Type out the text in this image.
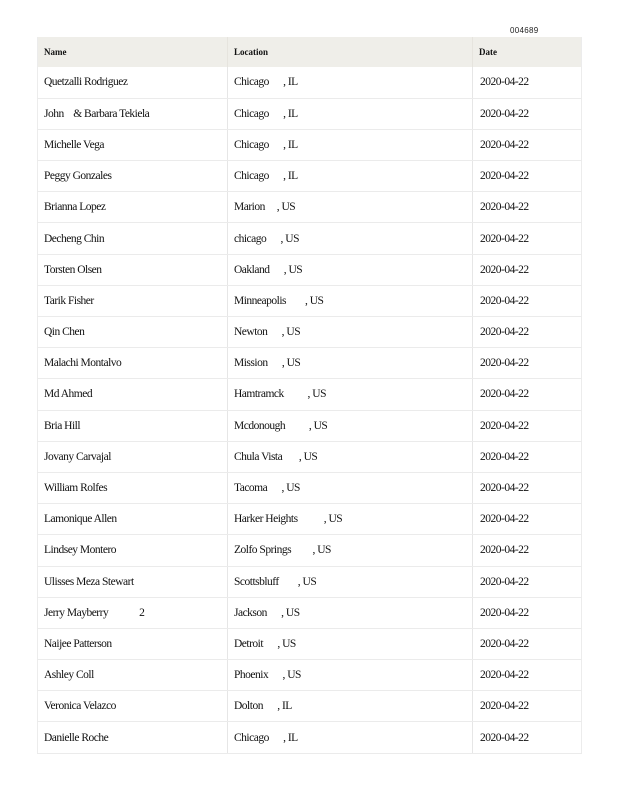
004689
Name	Location	Date
Quetzalli Rodriguez	Chicago      , IL	2020-04-22
John    & Barbara Tekiela	Chicago      , IL	2020-04-22
Michelle Vega	Chicago      , IL	2020-04-22
Peggy Gonzales	Chicago      , IL	2020-04-22
Brianna Lopez	Marion     , US	2020-04-22
Decheng Chin	chicago      , US	2020-04-22
Torsten Olsen	Oakland      , US	2020-04-22
Tarik Fisher	Minneapolis        , US	2020-04-22
Qin Chen	Newton      , US	2020-04-22
Malachi Montalvo	Mission      , US	2020-04-22
Md Ahmed	Hamtramck          , US	2020-04-22
Bria Hill	Mcdonough          , US	2020-04-22
Jovany Carvajal	Chula Vista       , US	2020-04-22
William Rolfes	Tacoma      , US	2020-04-22
Lamonique Allen	Harker Heights           , US	2020-04-22
Lindsey Montero	Zolfo Springs         , US	2020-04-22
Ulisses Meza Stewart	Scottsbluff        , US	2020-04-22
Jerry Mayberry             2	Jackson      , US	2020-04-22
Naijee Patterson	Detroit      , US	2020-04-22
Ashley Coll	Phoenix      , US	2020-04-22
Veronica Velazco	Dolton      , IL	2020-04-22
Danielle Roche	Chicago      , IL	2020-04-22
